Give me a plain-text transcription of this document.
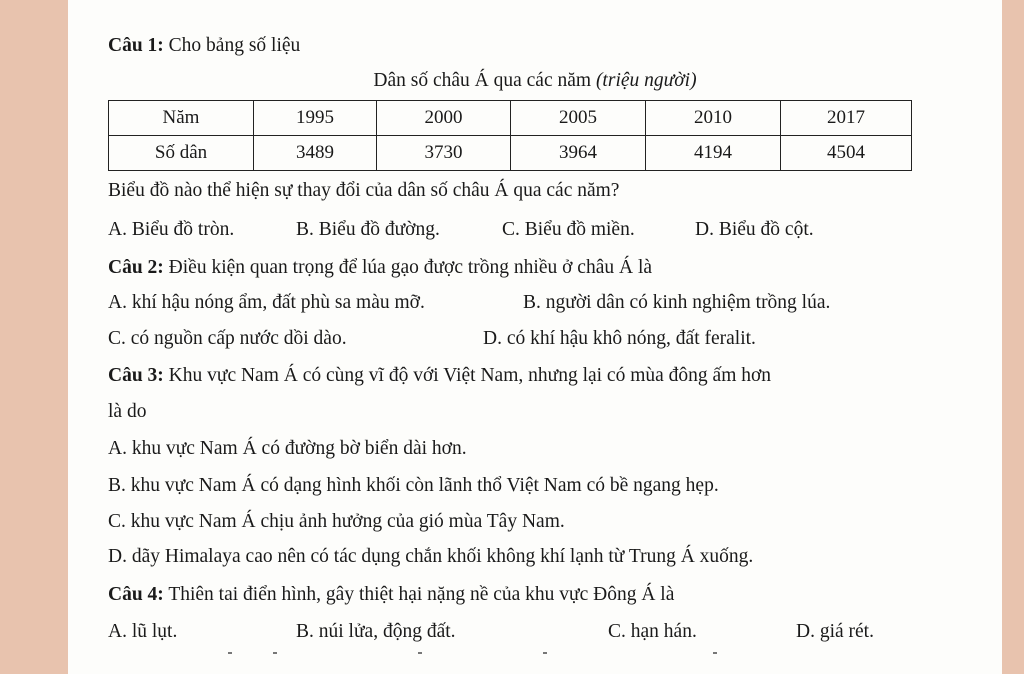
Câu 1: Cho bảng số liệu
Dân số châu Á qua các năm (triệu người)
Năm	1995	2000	2005	2010	2017
Số dân	3489	3730	3964	4194	4504
Biểu đồ nào thể hiện sự thay đổi của dân số châu Á qua các năm?
A. Biểu đồ tròn.	B. Biểu đồ đường.	C. Biểu đồ miền.	D. Biểu đồ cột.
Câu 2: Điều kiện quan trọng để lúa gạo được trồng nhiều ở châu Á là
A. khí hậu nóng ẩm, đất phù sa màu mỡ.	B. người dân có kinh nghiệm trồng lúa.
C. có nguồn cấp nước dồi dào.	D. có khí hậu khô nóng, đất feralit.
Câu 3: Khu vực Nam Á có cùng vĩ độ với Việt Nam, nhưng lại có mùa đông ấm hơn
là do
A. khu vực Nam Á có đường bờ biển dài hơn.
B. khu vực Nam Á có dạng hình khối còn lãnh thổ Việt Nam có bề ngang hẹp.
C. khu vực Nam Á chịu ảnh hưởng của gió mùa Tây Nam.
D. dãy Himalaya cao nên có tác dụng chắn khối không khí lạnh từ Trung Á xuống.
Câu 4: Thiên tai điển hình, gây thiệt hại nặng nề của khu vực Đông Á là
A. lũ lụt.	B. núi lửa, động đất.	C. hạn hán.	D. giá rét.
